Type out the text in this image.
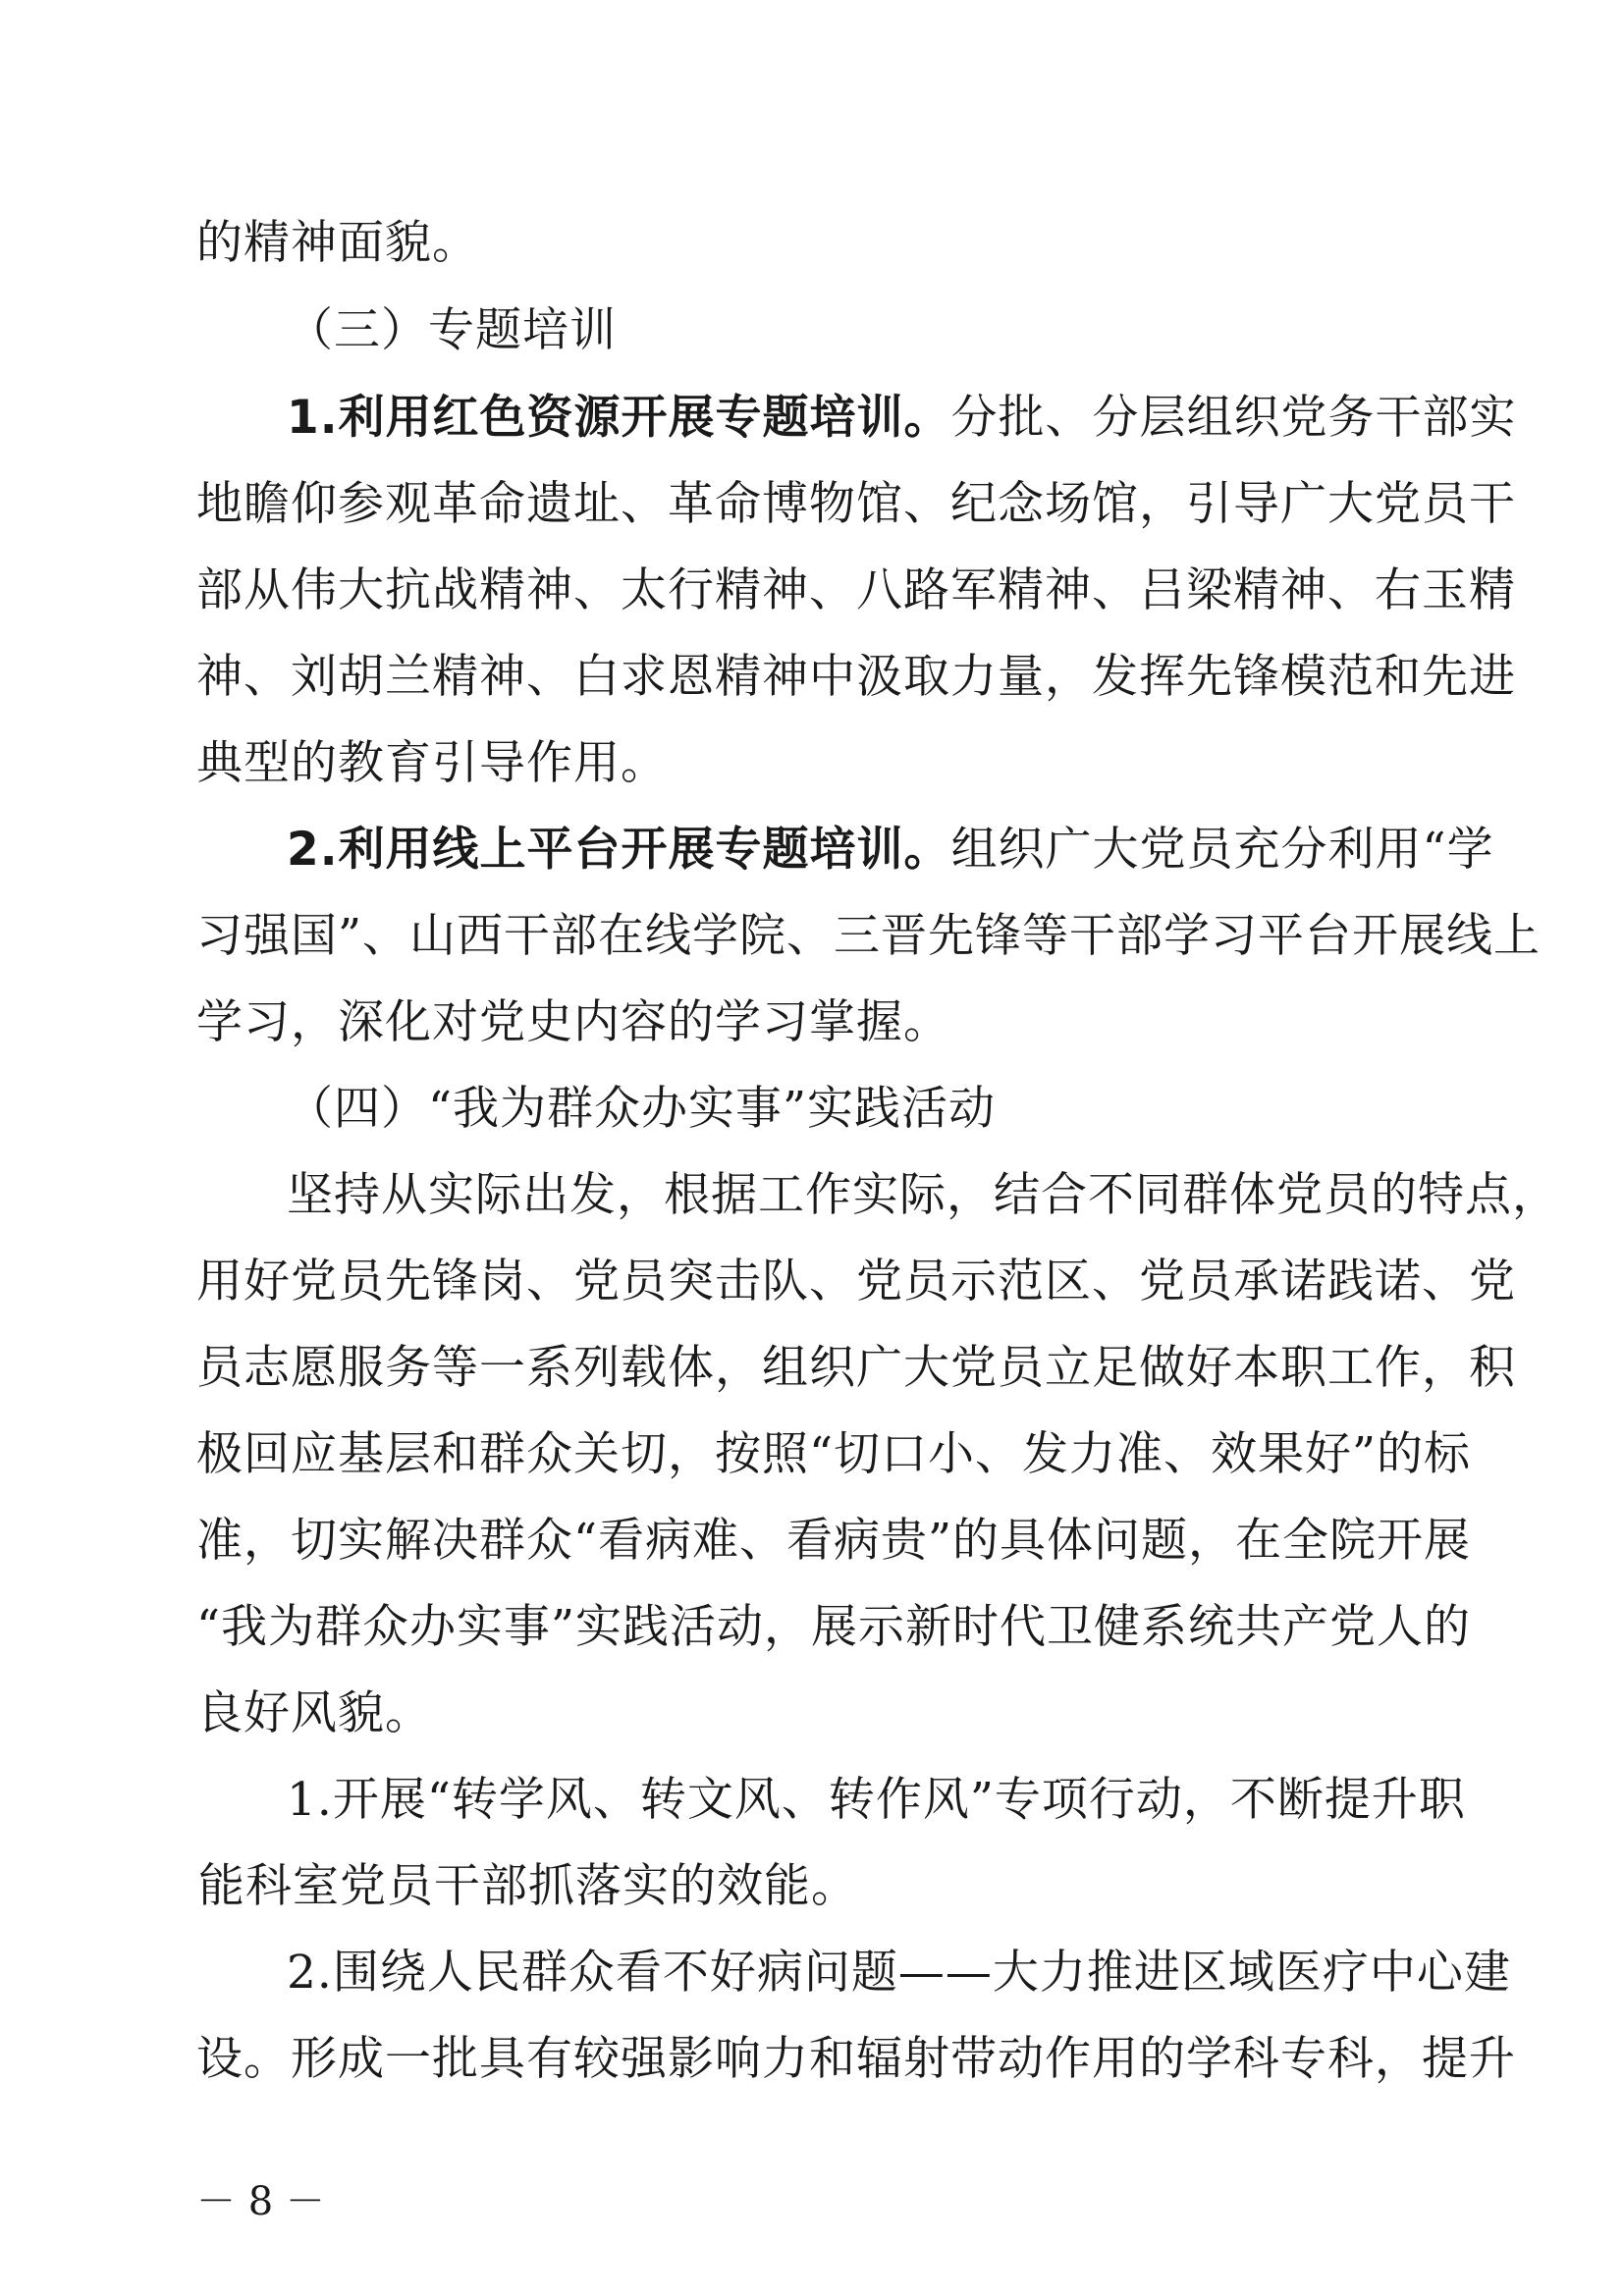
的精神面貌。
（三）专题培训
1.利用红色资源开展专题培训。分批、分层组织党务干部实
地瞻仰参观革命遗址、革命博物馆、纪念场馆，引导广大党员干
部从伟大抗战精神、太行精神、八路军精神、吕梁精神、右玉精
神、刘胡兰精神、白求恩精神中汲取力量，发挥先锋模范和先进
典型的教育引导作用。
2.利用线上平台开展专题培训。组织广大党员充分利用“学
习强国”、山西干部在线学院、三晋先锋等干部学习平台开展线上
学习，深化对党史内容的学习掌握。
（四）“我为群众办实事”实践活动
坚持从实际出发，根据工作实际，结合不同群体党员的特点，
用好党员先锋岗、党员突击队、党员示范区、党员承诺践诺、党
员志愿服务等一系列载体，组织广大党员立足做好本职工作，积
极回应基层和群众关切，按照“切口小、发力准、效果好”的标
准，切实解决群众“看病难、看病贵”的具体问题，在全院开展
“我为群众办实事”实践活动，展示新时代卫健系统共产党人的
良好风貌。
1.开展“转学风、转文风、转作风”专项行动，不断提升职
能科室党员干部抓落实的效能。
2.围绕人民群众看不好病问题——大力推进区域医疗中心建
设。形成一批具有较强影响力和辐射带动作用的学科专科，提升
－ 8 －
